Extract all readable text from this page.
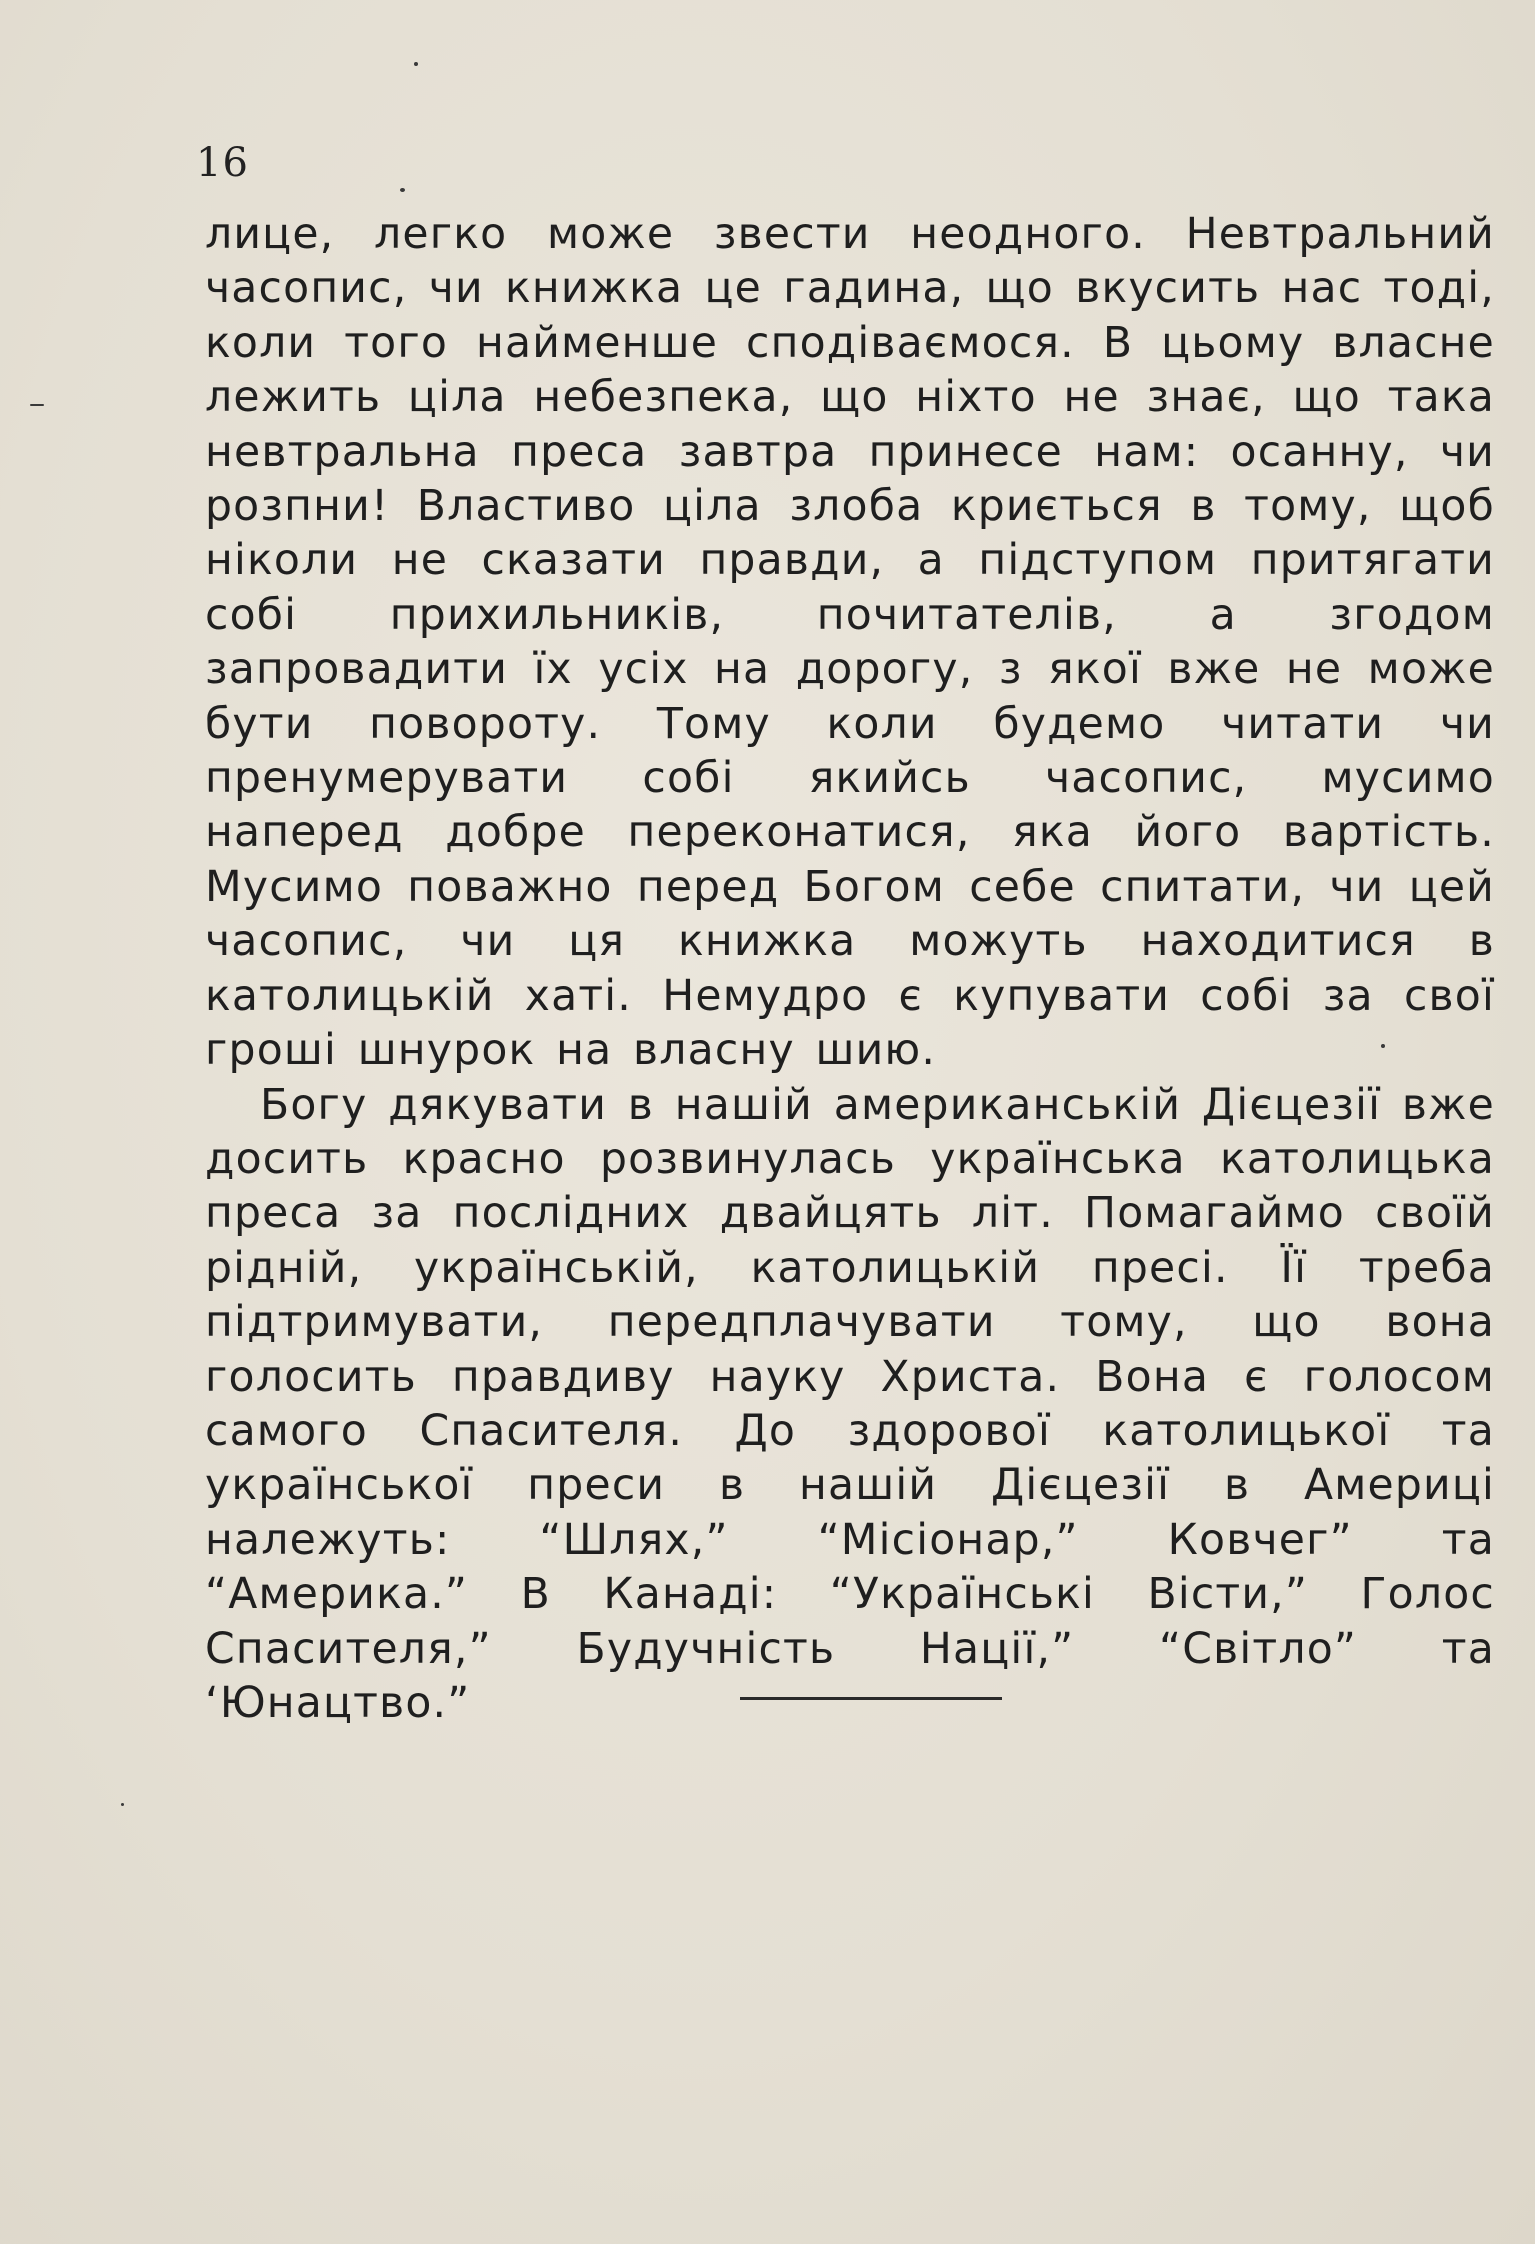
16

лице, легко може звести неодного. Невтральний часопис, чи книжка це гадина, що вкусить нас тоді, коли того найменше сподіваємося. В цьому власне лежить ціла небезпека, що ніхто не знає, що така невтральна преса завтра принесе нам: осанну, чи розпни! Властиво ціла злоба криється в тому, щоб ніколи не сказати правди, а підступом притягати собі прихильників, почитателів, а згодом запровадити їх усіх на дорогу, з якої вже не може бути повороту. Тому коли будемо читати чи пренумерувати собі якийсь часопис, мусимо наперед добре переконатися, яка його вартість. Мусимо поважно перед Богом себе спитати, чи цей часопис, чи ця книжка можуть находитися в католицькій хаті. Немудро є купувати собі за свої гроші шнурок на власну шию.

Богу дякувати в нашій американській Дієцезії вже досить красно розвинулась українська католицька преса за послідних двайцять літ. Помагаймо своїй рідній, українській, католицькій пресі. Її треба підтримувати, передплачувати тому, що вона голосить правдиву науку Христа. Вона є голосом самого Спасителя. До здорової католицької та української преси в нашій Дієцезії в Америці належуть: “Шлях,” “Місіонар,” Ковчег” та “Америка.” В Канаді: “Українські Вісти,” Голос Спасителя,” Будучність Нації,” “Світло” та ‘Юнацтво.”
